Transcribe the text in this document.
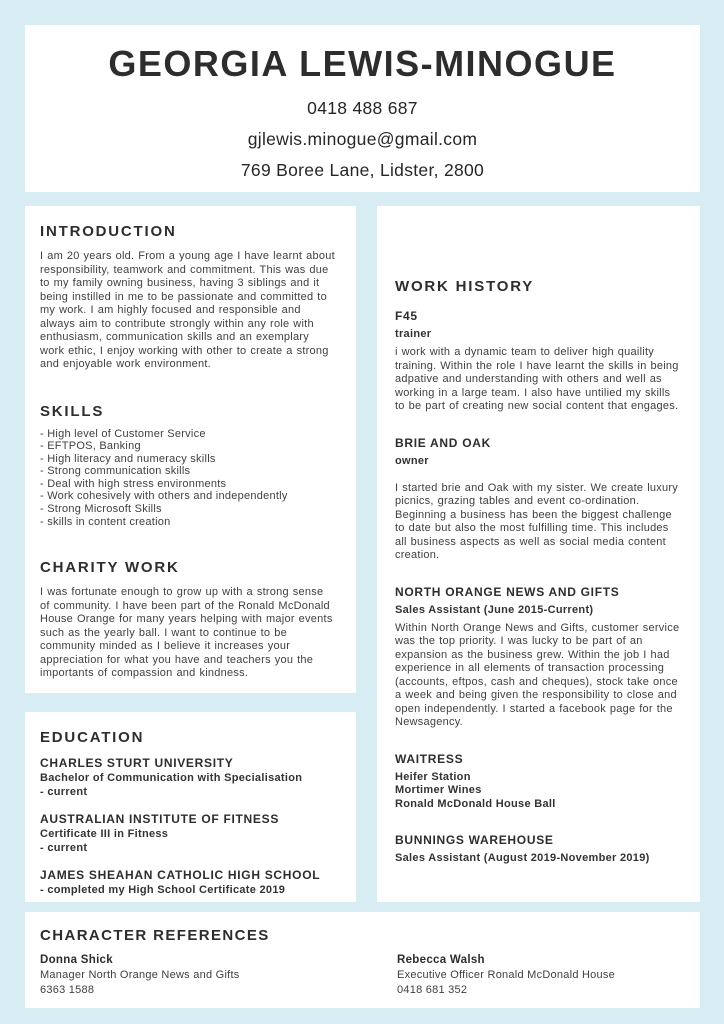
GEORGIA LEWIS-MINOGUE
0418 488 687
gjlewis.minogue@gmail.com
769 Boree Lane, Lidster, 2800
INTRODUCTION

I am 20 years old. From a young age I have learnt about responsibility, teamwork and commitment. This was due to my family owning business, having 3 siblings and it being instilled in me to be passionate and committed to my work. I am highly focused and responsible and always aim to contribute strongly within any role with enthusiasm, communication skills and an exemplary work ethic, I enjoy working with other to create a strong and enjoyable work environment.

SKILLS
- High level of Customer Service
- EFTPOS, Banking
- High literacy and numeracy skills
- Strong communication skills
- Deal with high stress environments
- Work cohesively with others and independently
- Strong Microsoft Skills
- skills in content creation
CHARITY WORK

I was fortunate enough to grow up with a strong sense of community. I have been part of the Ronald McDonald House Orange for many years helping with major events such as the yearly ball. I want to continue to be community minded as I believe it increases your appreciation for what you have and teachers you the importants of compassion and kindness.

EDUCATION
CHARLES STURT UNIVERSITY
Bachelor of Communication with Specialisation
- current
AUSTRALIAN INSTITUTE OF FITNESS
Certificate III in Fitness
- current
JAMES SHEAHAN CATHOLIC HIGH SCHOOL
- completed my High School Certificate 2019
WORK HISTORY
F45
trainer

i work with a dynamic team to deliver high quaility training. Within the role I have learnt the skills in being adpative and understanding with others and well as working in a large team. I also have untilied my skills to be part of creating new social content that engages.

BRIE AND OAK
owner

I started brie and Oak with my sister. We create luxury picnics, grazing tables and event co-ordination. Beginning a business has been the biggest challenge to date but also the most fulfilling time. This includes all business aspects as well as social media content creation.

NORTH ORANGE NEWS AND GIFTS
Sales Assistant (June 2015-Current)

Within North Orange News and Gifts, customer service was the top priority. I was lucky to be part of an expansion as the business grew. Within the job I had experience in all elements of transaction processing (accounts, eftpos, cash and cheques), stock take once a week and being given the responsibility to close and open independently. I started a facebook page for the Newsagency.

WAITRESS
Heifer Station
Mortimer Wines
Ronald McDonald House Ball
BUNNINGS WAREHOUSE
Sales Assistant (August 2019-November 2019)
CHARACTER REFERENCES
Donna Shick
Manager North Orange News and Gifts
6363 1588
Rebecca Walsh
Executive Officer Ronald McDonald House
0418 681 352
